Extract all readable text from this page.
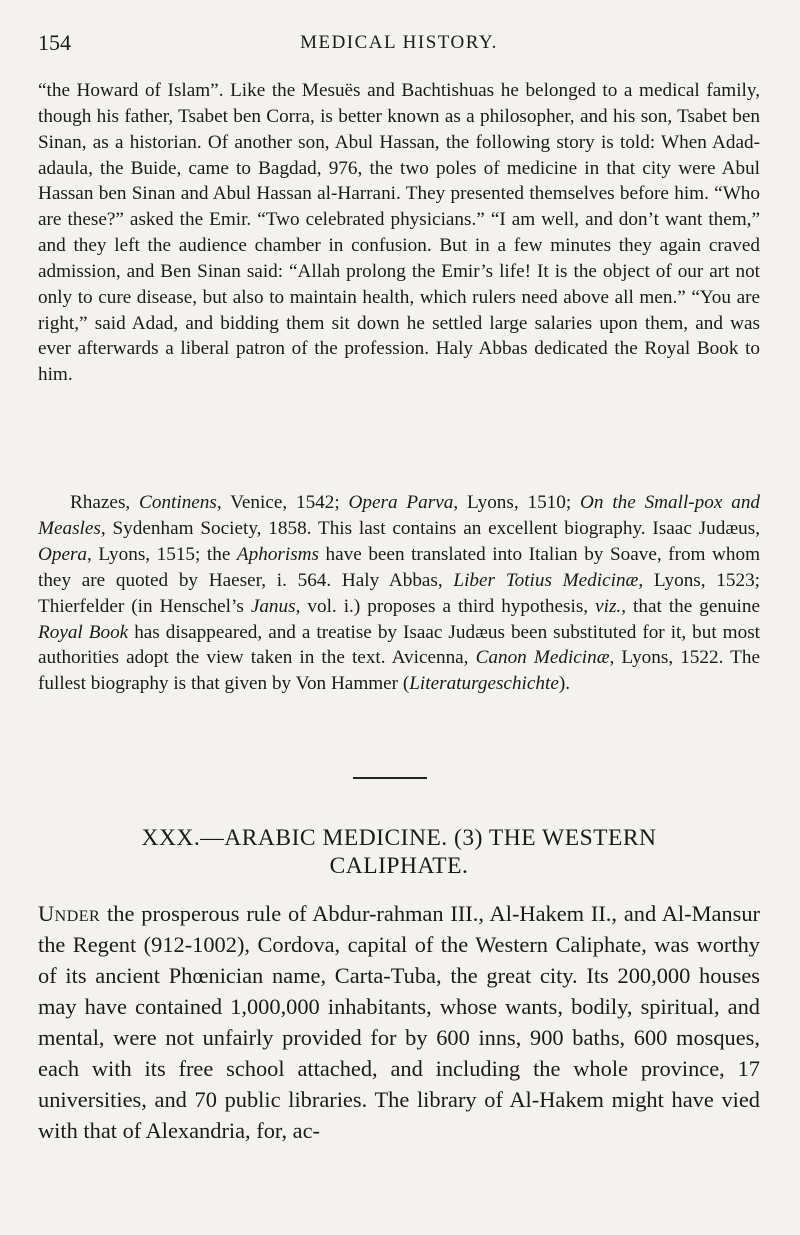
154	MEDICAL HISTORY.

“the Howard of Islam”. Like the Mesuës and Bachtishuas he belonged to a medical family, though his father, Tsabet ben Corra, is better known as a philosopher, and his son, Tsabet ben Sinan, as a historian. Of another son, Abul Hassan, the following story is told: When Adad-adaula, the Buide, came to Bagdad, 976, the two poles of medicine in that city were Abul Hassan ben Sinan and Abul Hassan al-Harrani. They presented themselves before him. “Who are these?” asked the Emir. “Two celebrated physicians.” “I am well, and don’t want them,” and they left the audience chamber in confusion. But in a few minutes they again craved admission, and Ben Sinan said: “Allah prolong the Emir’s life! It is the object of our art not only to cure disease, but also to maintain health, which rulers need above all men.” “You are right,” said Adad, and bidding them sit down he settled large salaries upon them, and was ever afterwards a liberal patron of the profession. Haly Abbas dedicated the Royal Book to him.

Rhazes, Continens, Venice, 1542; Opera Parva, Lyons, 1510; On the Small-pox and Measles, Sydenham Society, 1858. This last contains an excellent biography. Isaac Judæus, Opera, Lyons, 1515; the Aphorisms have been translated into Italian by Soave, from whom they are quoted by Haeser, i. 564. Haly Abbas, Liber Totius Medicinæ, Lyons, 1523; Thierfelder (in Henschel’s Janus, vol. i.) proposes a third hypothesis, viz., that the genuine Royal Book has disappeared, and a treatise by Isaac Judæus been substituted for it, but most authorities adopt the view taken in the text. Avicenna, Canon Medicinæ, Lyons, 1522. The fullest biography is that given by Von Hammer (Literaturgeschichte).

XXX.—ARABIC MEDICINE. (3) THE WESTERN
CALIPHATE.

Under the prosperous rule of Abdur-rahman III., Al-Hakem II., and Al-Mansur the Regent (912-1002), Cordova, capital of the Western Caliphate, was worthy of its ancient Phœnician name, Carta-Tuba, the great city. Its 200,000 houses may have contained 1,000,000 inhabitants, whose wants, bodily, spiritual, and mental, were not unfairly provided for by 600 inns, 900 baths, 600 mosques, each with its free school attached, and including the whole province, 17 universities, and 70 public libraries. The library of Al-Hakem might have vied with that of Alexandria, for, ac-
